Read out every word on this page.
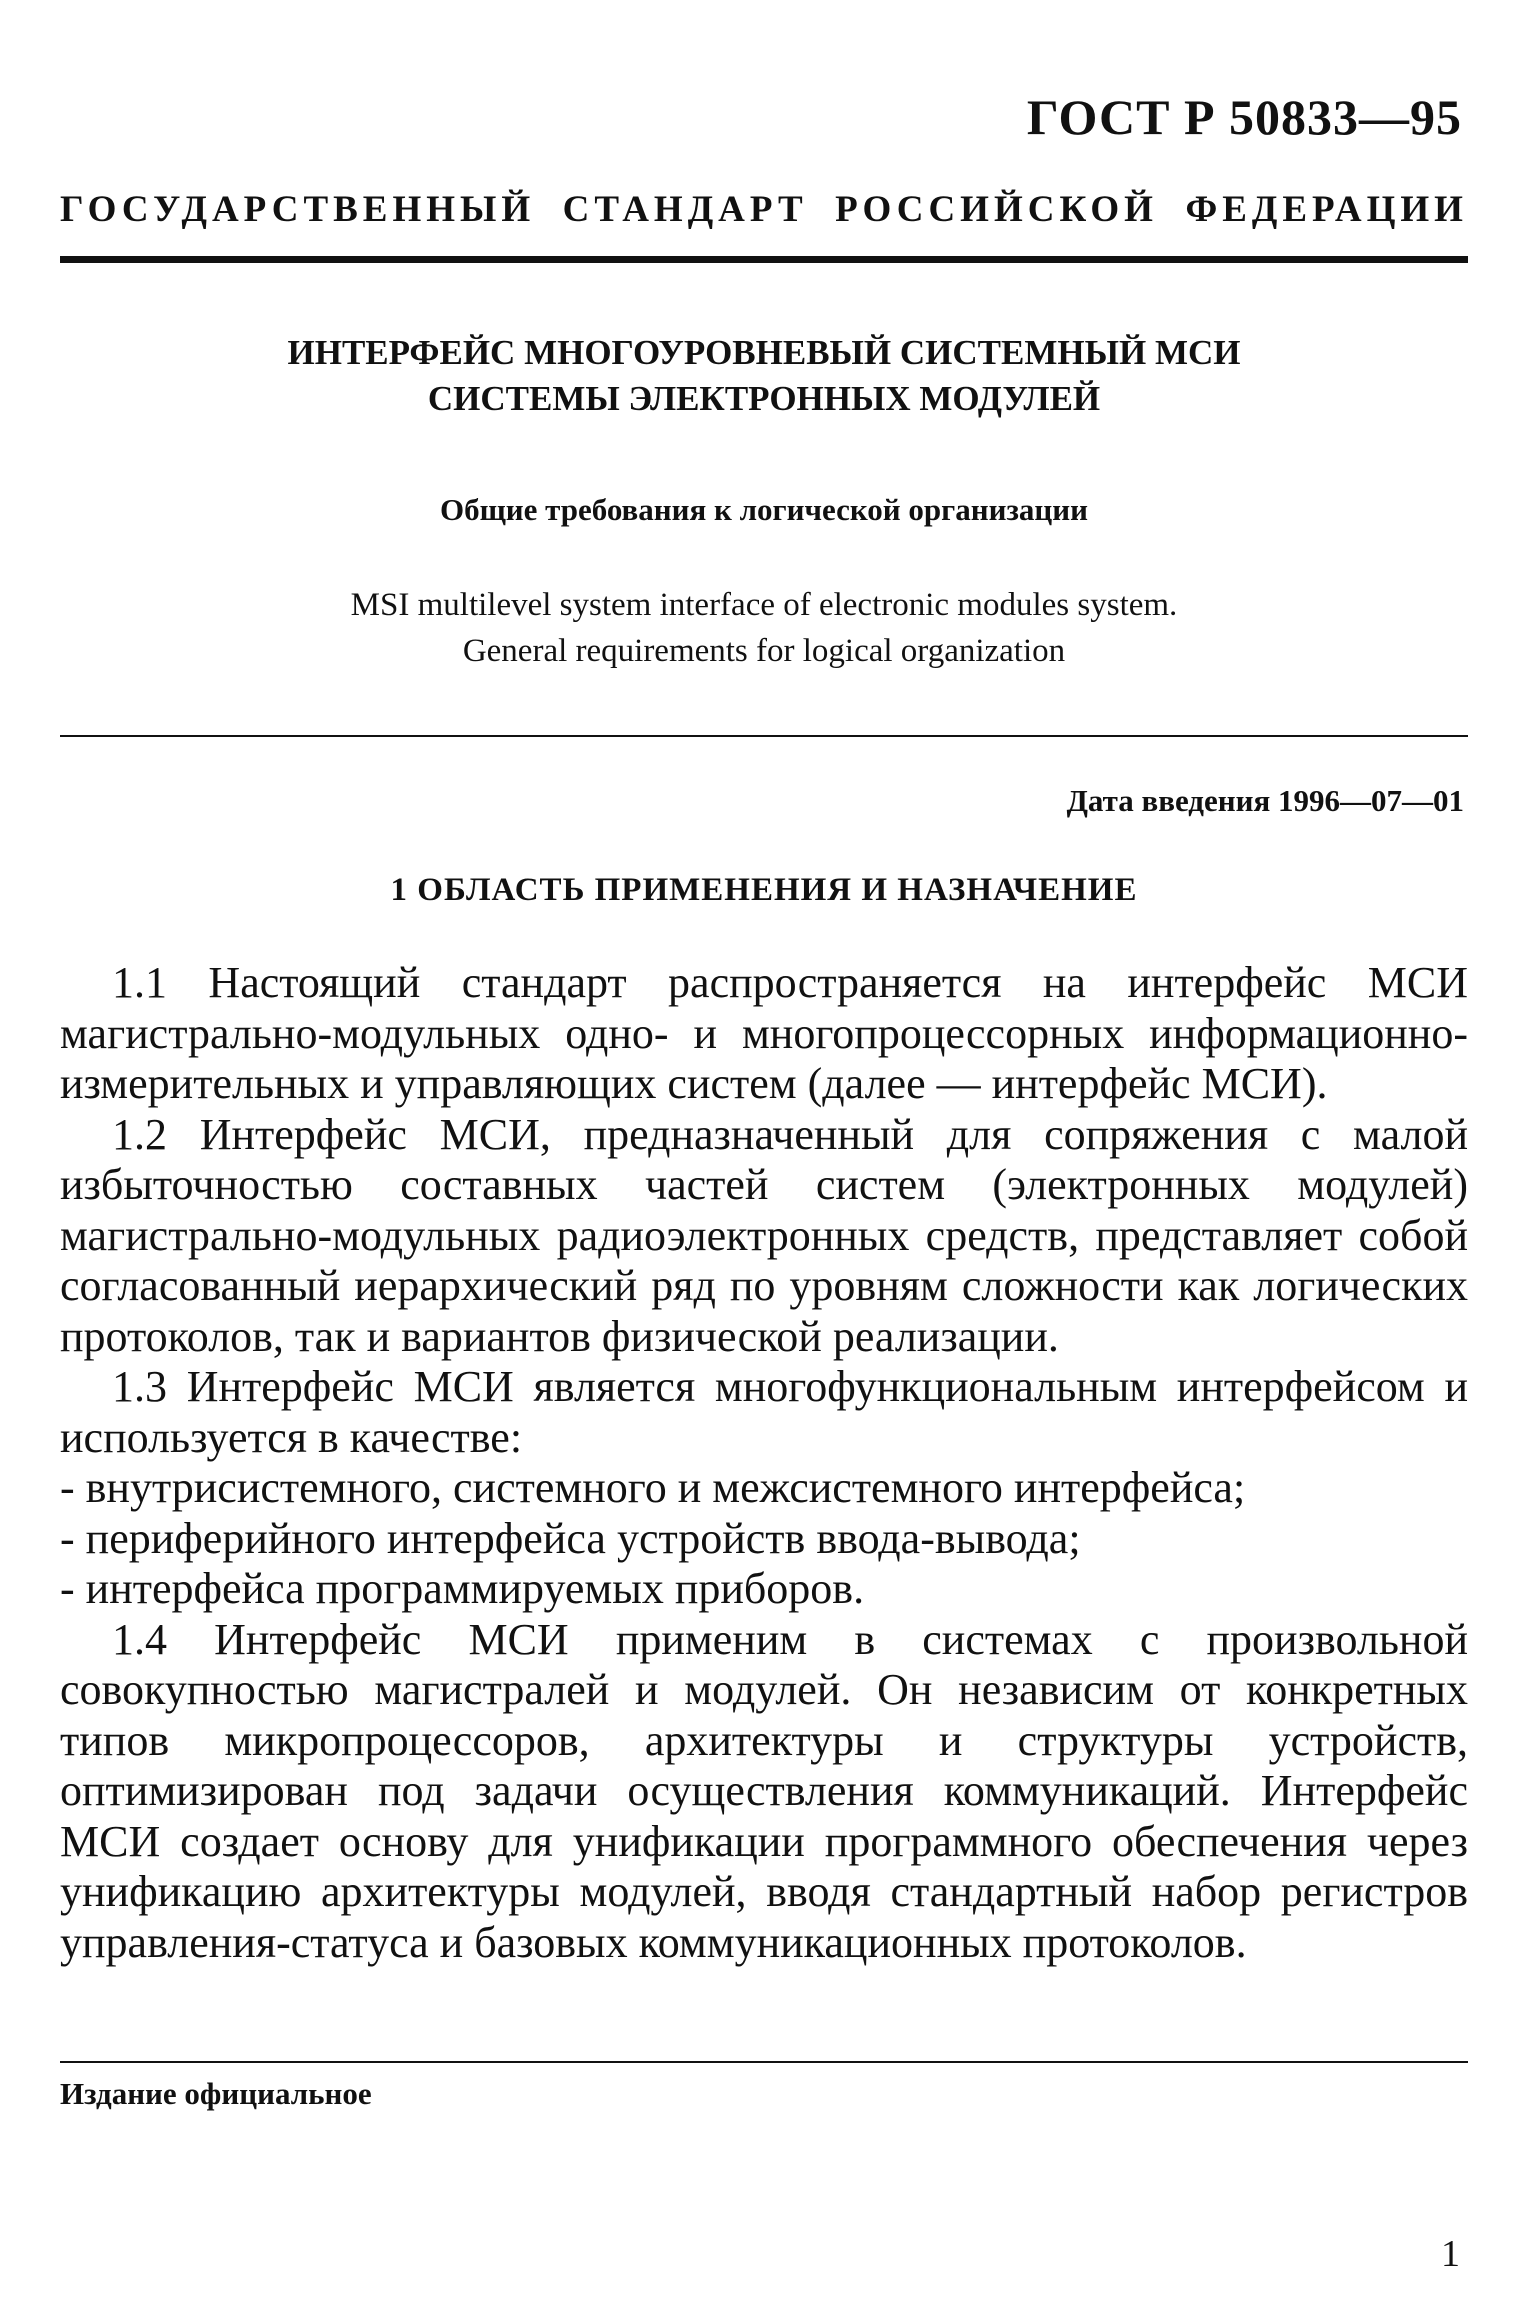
ГОСТ Р 50833—95
ГОСУДАРСТВЕННЫЙ СТАНДАРТ РОССИЙСКОЙ ФЕДЕРАЦИИ
ИНТЕРФЕЙС МНОГОУРОВНЕВЫЙ СИСТЕМНЫЙ МСИ
СИСТЕМЫ ЭЛЕКТРОННЫХ МОДУЛЕЙ
Общие требования к логической организации
MSI multilevel system interface of electronic modules system.
General requirements for logical organization
Дата введения 1996—07—01
1 ОБЛАСТЬ ПРИМЕНЕНИЯ И НАЗНАЧЕНИЕ

1.1 Настоящий стандарт распространяется на интерфейс МСИ магистрально-модульных одно- и многопроцессорных информационно-измерительных и управляющих систем (далее — интерфейс МСИ).

1.2 Интерфейс МСИ, предназначенный для сопряжения с малой избыточностью составных частей систем (электронных модулей) магистрально-модульных радиоэлектронных средств, представляет собой согласованный иерархический ряд по уровням сложности как логических протоколов, так и вариантов физической реализации.

1.3 Интерфейс МСИ является многофункциональным интерфейсом и используется в качестве:

- внутрисистемного, системного и межсистемного интерфейса;

- периферийного интерфейса устройств ввода-вывода;

- интерфейса программируемых приборов.

1.4 Интерфейс МСИ применим в системах с произвольной совокупностью магистралей и модулей. Он независим от конкретных типов микропроцессоров, архитектуры и структуры устройств, оптимизирован под задачи осуществления коммуникаций. Интерфейс МСИ создает основу для унификации программного обеспечения через унификацию архитектуры модулей, вводя стандартный набор регистров управления-статуса и базовых коммуникационных протоколов.

Издание официальное
1
